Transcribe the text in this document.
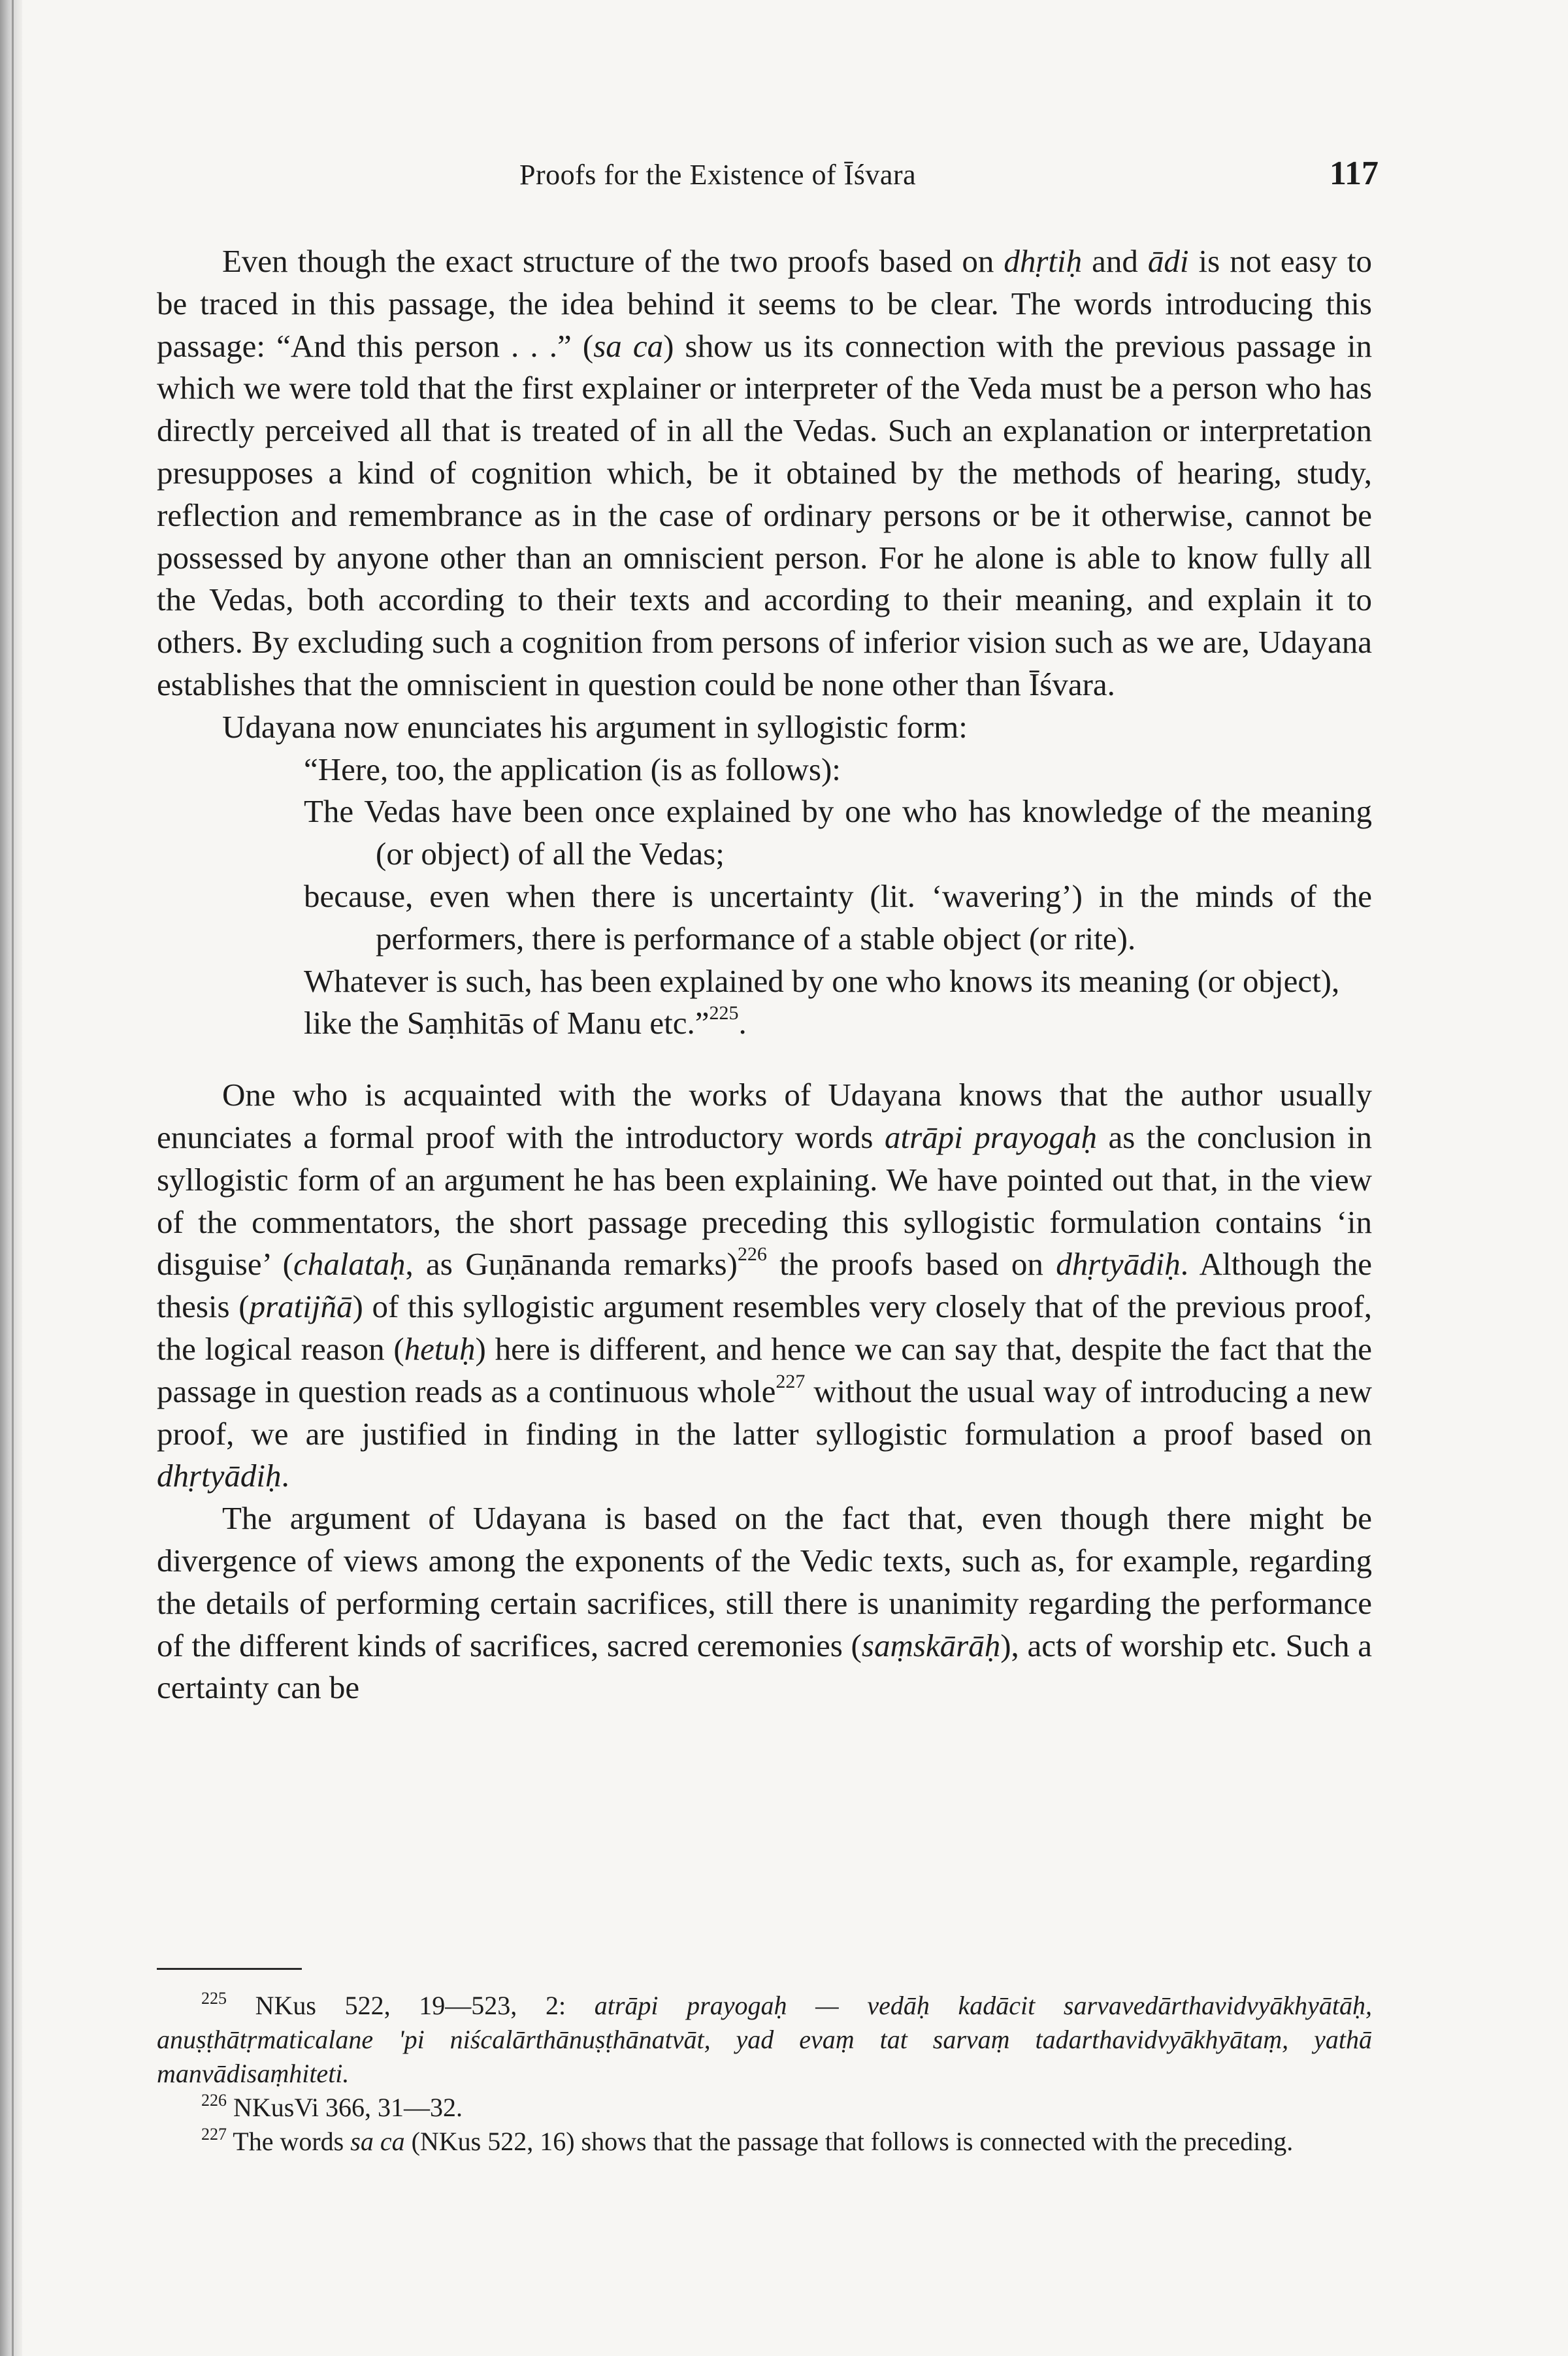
Proofs for the Existence of Īśvara	117

Even though the exact structure of the two proofs based on dhṛtiḥ and ādi is not easy to be traced in this passage, the idea behind it seems to be clear. The words introducing this passage: “And this person . . .” (sa ca) show us its connection with the previous passage in which we were told that the first explainer or interpreter of the Veda must be a person who has directly perceived all that is treated of in all the Vedas. Such an explanation or interpretation presupposes a kind of cognition which, be it obtained by the methods of hearing, study, reflection and remembrance as in the case of ordinary persons or be it otherwise, cannot be possessed by anyone other than an omniscient person. For he alone is able to know fully all the Vedas, both according to their texts and according to their meaning, and explain it to others. By excluding such a cognition from persons of inferior vision such as we are, Udayana establishes that the omniscient in question could be none other than Īśvara.

Udayana now enunciates his argument in syllogistic form:

“Here, too, the application (is as follows):

The Vedas have been once explained by one who has knowledge of the meaning (or object) of all the Vedas;

because, even when there is uncertainty (lit. ‘wavering’) in the minds of the performers, there is performance of a stable object (or rite).

Whatever is such, has been explained by one who knows its meaning (or object),

like the Saṃhitās of Manu etc.”$^{225}$.

One who is acquainted with the works of Udayana knows that the author usually enunciates a formal proof with the introductory words atrāpi prayogaḥ as the conclusion in syllogistic form of an argument he has been explaining. We have pointed out that, in the view of the commentators, the short passage preceding this syllogistic formulation contains ‘in disguise’ (chalataḥ, as Guṇānanda remarks)$^{226}$ the proofs based on dhṛtyādiḥ. Although the thesis (pratijñā) of this syllogistic argument resembles very closely that of the previous proof, the logical reason (hetuḥ) here is different, and hence we can say that, despite the fact that the passage in question reads as a continuous whole$^{227}$ without the usual way of introducing a new proof, we are justified in finding in the latter syllogistic formulation a proof based on dhṛtyādiḥ.

The argument of Udayana is based on the fact that, even though there might be divergence of views among the exponents of the Vedic texts, such as, for example, regarding the details of performing certain sacrifices, still there is unanimity regarding the performance of the different kinds of sacrifices, sacred ceremonies (saṃskārāḥ), acts of worship etc. Such a certainty can be

$^{225}$ NKus 522, 19—523, 2: atrāpi prayogaḥ — vedāḥ kadācit sarvavedārthavidvyākhyātāḥ, anuṣṭhātṛmaticalane 'pi niścalārthānuṣṭhānatvāt, yad evaṃ tat sarvaṃ tadarthavidvyākhyātaṃ, yathā manvādisaṃhiteti.

$^{226}$ NKusVi 366, 31—32.

$^{227}$ The words sa ca (NKus 522, 16) shows that the passage that follows is connected with the preceding.
